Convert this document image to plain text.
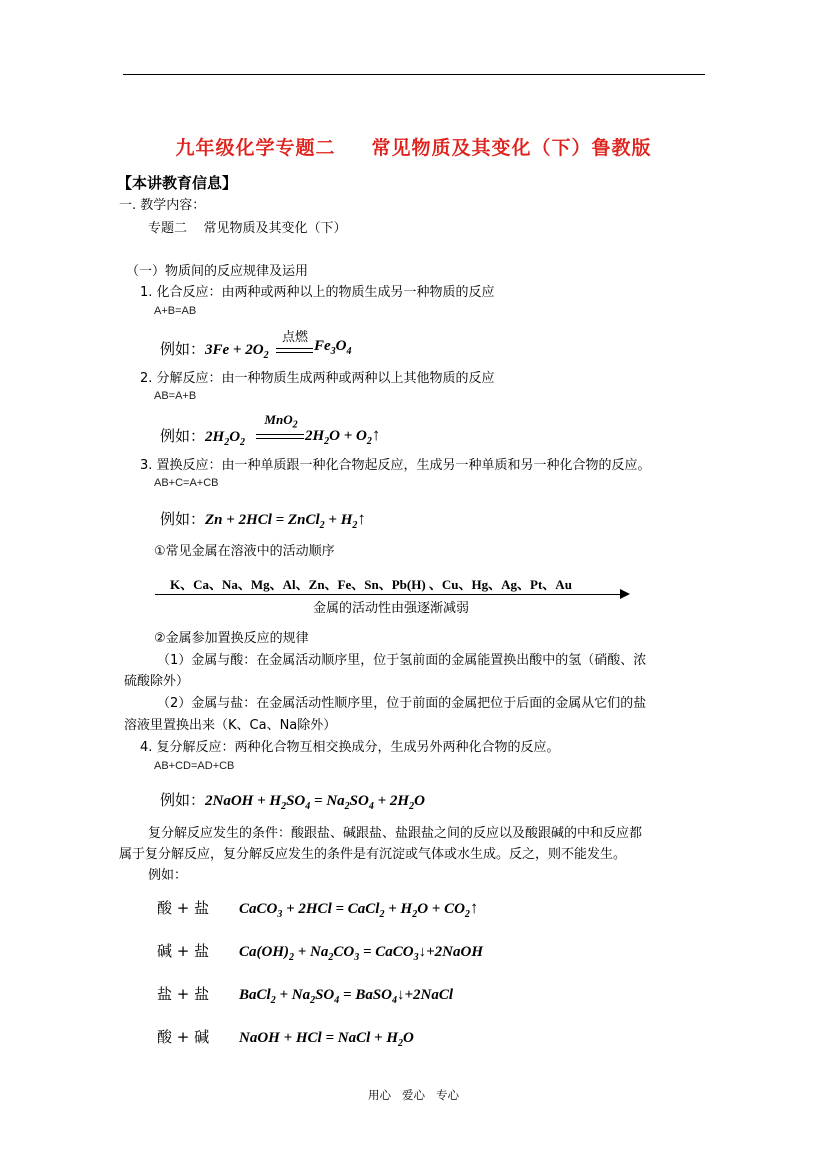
九年级化学专题二 常见物质及其变化（下）鲁教版
【本讲教育信息】
一. 教学内容：
专题二    常见物质及其变化（下）
（一）物质间的反应规律及运用
1. 化合反应：由两种或两种以上的物质生成另一种物质的反应
A+B=AB
例如：$3Fe + 2O_2$
点燃
$Fe_3O_4$
2. 分解反应：由一种物质生成两种或两种以上其他物质的反应
AB=A+B
例如：$2H_2O_2$
MnO$_2$
$2H_2O$ + $O_2↑$
3. 置换反应：由一种单质跟一种化合物起反应，生成另一种单质和另一种化合物的反应。
AB+C=A+CB
例如：Zn + 2HCl = ZnCl$_2$ + $H_2↑$
①常见金属在溶液中的活动顺序
K、Ca、Na、Mg、Al、Zn、Fe、Sn、Pb(H) 、Cu、Hg、Ag、Pt、Au
金属的活动性由强逐渐减弱
②金属参加置换反应的规律
（1）金属与酸：在金属活动顺序里，位于氢前面的金属能置换出酸中的氢（硝酸、浓
硫酸除外）
（2）金属与盐：在金属活动性顺序里，位于前面的金属把位于后面的金属从它们的盐
溶液里置换出来（K、Ca、Na除外）
4. 复分解反应：两种化合物互相交换成分，生成另外两种化合物的反应。
AB+CD=AD+CB
例如：2NaOH + $H_2SO_4 = Na_2SO_4 + 2H_2O$
复分解反应发生的条件：酸跟盐、碱跟盐、盐跟盐之间的反应以及酸跟碱的中和反应都
属于复分解反应，复分解反应发生的条件是有沉淀或气体或水生成。反之，则不能发生。
例如：
酸 + 盐 CaCO$_3$ + 2HCl = CaCl$_2$ + $H_2O$ + $CO_2↑$
碱 + 盐 $Ca(OH)_2 + Na_2CO_3$ = CaCO$_3$↓+2NaOH
盐 + 盐 BaCl$_2$ + $Na_2SO_4$ = BaSO$_4$↓+2NaCl
酸 + 碱 NaOH + HCl = NaCl + $H_2O$
用心   爱心   专心
